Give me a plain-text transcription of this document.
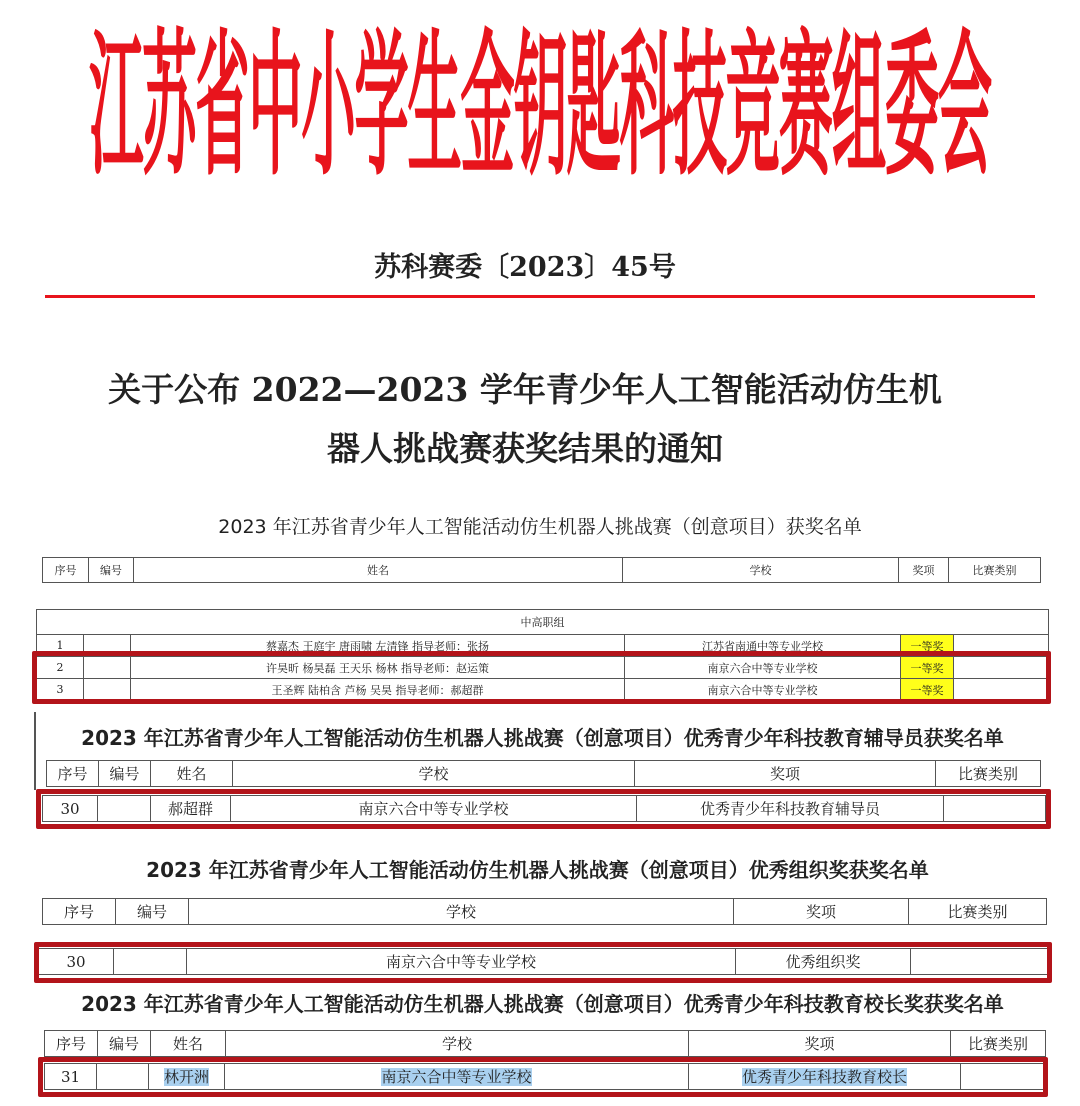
江苏省中小学生金钥匙科技竞赛组委会
苏科赛委〔2023〕45号
关于公布 2022—2023 学年青少年人工智能活动仿生机
器人挑战赛获奖结果的通知
2023 年江苏省青少年人工智能活动仿生机器人挑战赛（创意项目）获奖名单
序号	编号	姓名	学校	奖项	比赛类别
中高职组					
1		蔡嘉杰 王庭宇 唐雨啸 左清锋 指导老师：张扬	江苏省南通中等专业学校	一等奖	
2		许昊昕 杨昊磊 王天乐 杨林 指导老师：赵运策	南京六合中等专业学校	一等奖	
3		王圣辉 陆柏含 芦杨 吴昊 指导老师：郝超群	南京六合中等专业学校	一等奖	
2023 年江苏省青少年人工智能活动仿生机器人挑战赛（创意项目）优秀青少年科技教育辅导员获奖名单
序号	编号	姓名	学校	奖项	比赛类别
30		郝超群	南京六合中等专业学校	优秀青少年科技教育辅导员	
2023 年江苏省青少年人工智能活动仿生机器人挑战赛（创意项目）优秀组织奖获奖名单
序号	编号	学校	奖项	比赛类别
30		南京六合中等专业学校	优秀组织奖	
2023 年江苏省青少年人工智能活动仿生机器人挑战赛（创意项目）优秀青少年科技教育校长奖获奖名单
序号	编号	姓名	学校	奖项	比赛类别
31		林开洲	南京六合中等专业学校	优秀青少年科技教育校长	
